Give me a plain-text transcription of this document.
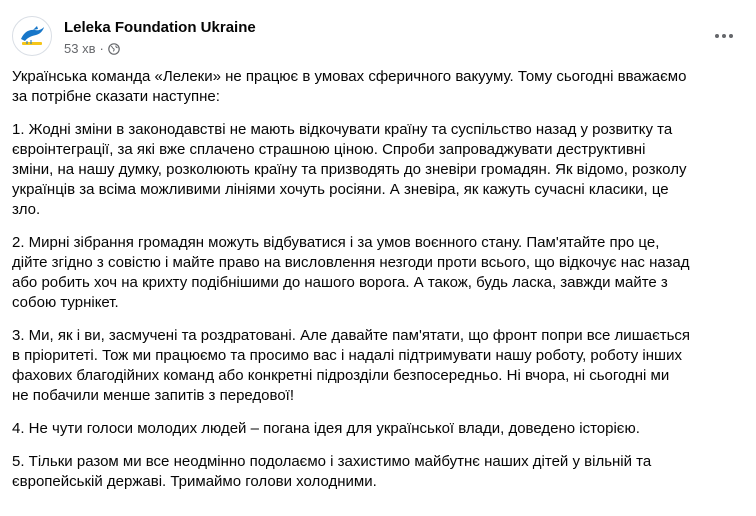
Leleka Foundation Ukraine
53 хв ·

Українська команда «Лелеки» не працює в умовах сферичного вакууму. Тому сьогодні вважаємо
за потрібне сказати наступне:

1. Жодні зміни в законодавстві не мають відкочувати країну та суспільство назад у розвитку та
євроінтеграції, за які вже сплачено страшною ціною. Спроби запроваджувати деструктивні
зміни, на нашу думку, розколюють країну та призводять до зневіри громадян. Як відомо, розколу
українців за всіма можливими лініями хочуть росіяни. А зневіра, як кажуть сучасні класики, це
зло.

2. Мирні зібрання громадян можуть відбуватися і за умов воєнного стану. Пам'ятайте про це,
дійте згідно з совістю і майте право на висловлення незгоди проти всього, що відкочує нас назад
або робить хоч на крихту подібнішими до нашого ворога. А також, будь ласка, завжди майте з
собою турнікет.

3. Ми, як і ви, засмучені та роздратовані. Але давайте пам'ятати, що фронт попри все лишається
в пріоритеті. Тож ми працюємо та просимо вас і надалі підтримувати нашу роботу, роботу інших
фахових благодійних команд або конкретні підрозділи безпосередньо. Ні вчора, ні сьогодні ми
не побачили менше запитів з передової!

4. Не чути голоси молодих людей – погана ідея для української влади, доведено історією.

5. Тільки разом ми все неодмінно подолаємо і захистимо майбутнє наших дітей у вільній та
європейській державі. Тримаймо голови холодними.
